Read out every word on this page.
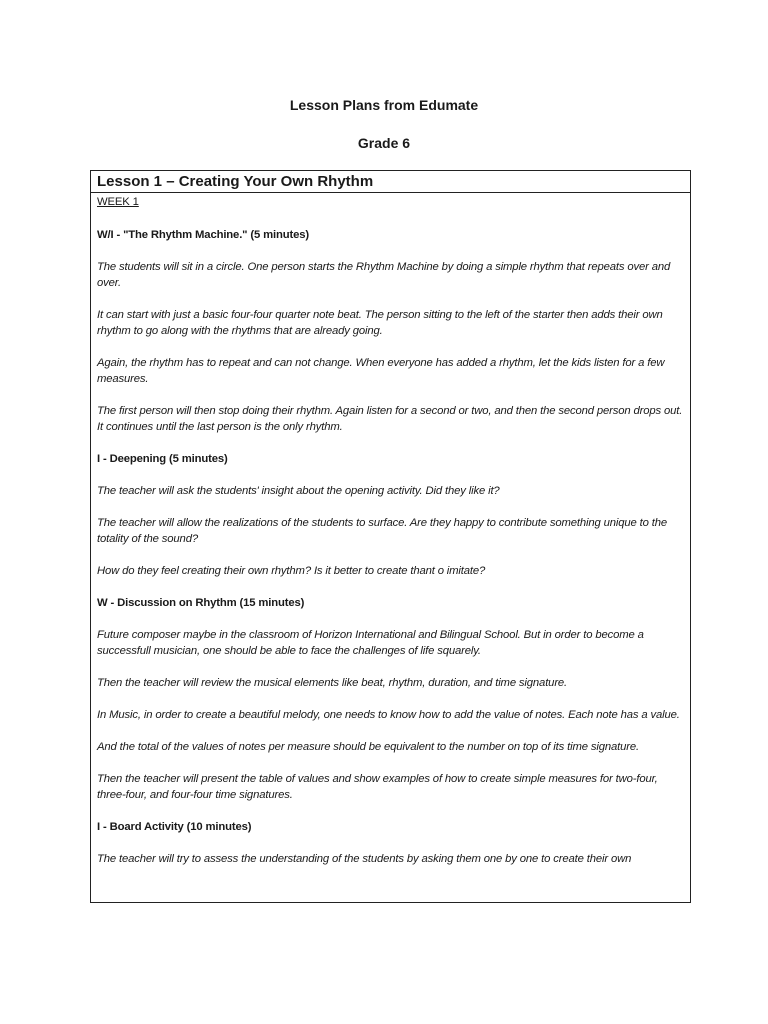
Lesson Plans from Edumate
Grade 6
Lesson 1 – Creating Your Own Rhythm

WEEK 1

W/I - "The Rhythm Machine." (5 minutes)

The students will sit in a circle. One person starts the Rhythm Machine by doing a simple rhythm that repeats over and over.

It can start with just a basic four-four quarter note beat. The person sitting to the left of the starter then adds their own rhythm to go along with the rhythms that are already going.

Again, the rhythm has to repeat and can not change. When everyone has added a rhythm, let the kids listen for a few measures.

The first person will then stop doing their rhythm. Again listen for a second or two, and then the second person drops out. It continues until the last person is the only rhythm.

I - Deepening (5 minutes)

The teacher will ask the students' insight about the opening activity. Did they like it?

The teacher will allow the realizations of the students to surface. Are they happy to contribute something unique to the totality of the sound?

How do they feel creating their own rhythm? Is it better to create thant o imitate?

W - Discussion on Rhythm (15 minutes)

Future composer maybe in the classroom of Horizon International and Bilingual School. But in order to become a successfull musician, one should be able to face the challenges of life squarely.

Then the teacher will review the musical elements like beat, rhythm, duration, and time signature.

In Music, in order to create a beautiful melody, one needs to know how to add the value of notes. Each note has a value.

And the total of the values of notes per measure should be equivalent to the number on top of its time signature.

Then the teacher will present the table of values and show examples of how to create simple measures for two-four, three-four, and four-four time signatures.

I - Board Activity (10 minutes)

The teacher will try to assess the understanding of the students by asking them one by one to create their own
